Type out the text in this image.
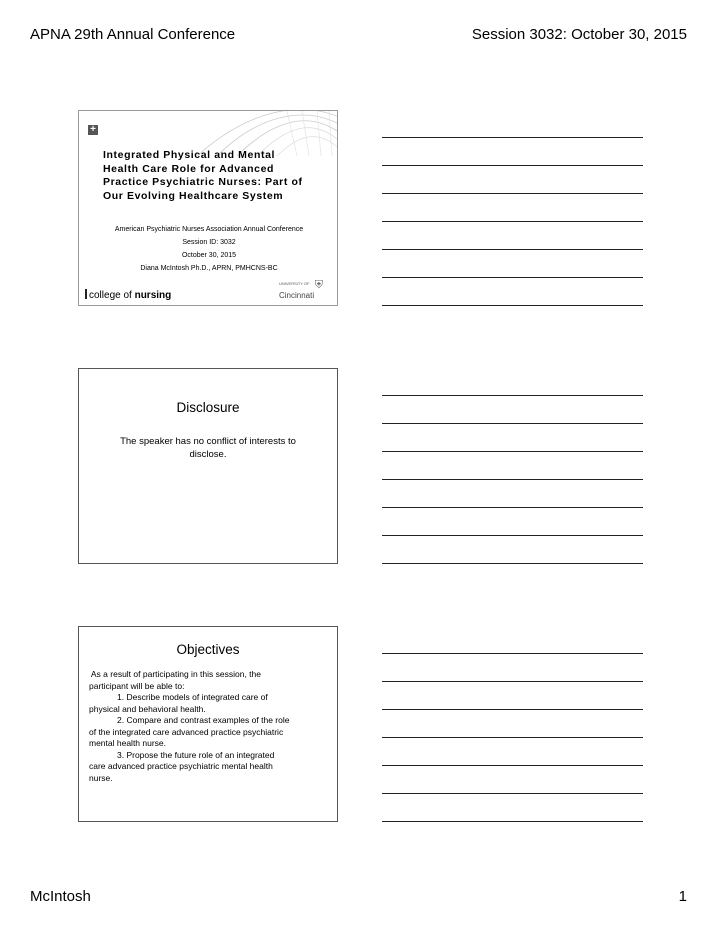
APNA 29th Annual Conference	Session 3032: October 30, 2015
+
Integrated Physical and Mental
Health Care Role for Advanced
Practice Psychiatric Nurses: Part of
Our Evolving Healthcare System
American Psychiatric Nurses Association Annual Conference
Session ID: 3032
October 30, 2015
Diana McIntosh Ph.D., APRN, PMHCNS-BC
college of nursing
UNIVERSITY OF ⛨
Cincinnati
Disclosure
The speaker has no conflict of interests to
disclose.
Objectives
As a result of participating in this session, the
participant will be able to:
1. Describe models of integrated care of
physical and behavioral health.
2. Compare and contrast examples of the role
of the integrated care advanced practice psychiatric
mental health nurse.
3. Propose the future role of an integrated
care advanced practice psychiatric mental health
nurse.
McIntosh	1
